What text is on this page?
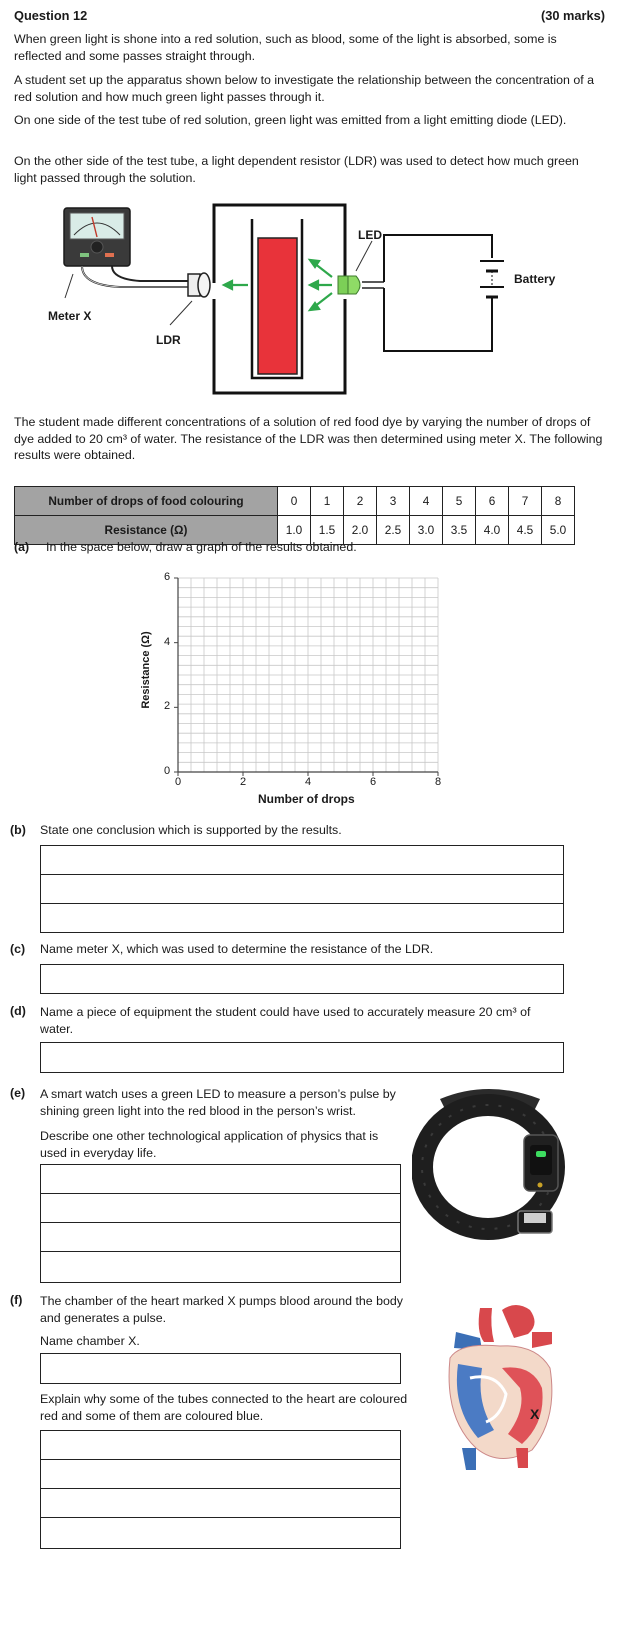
Question 12	(30 marks)

When green light is shone into a red solution, such as blood, some of the light is absorbed, some is reflected and some passes straight through.

A student set up the apparatus shown below to investigate the relationship between the concentration of a red solution and how much green light passes through it.

On one side of the test tube of red solution, green light was emitted from a light emitting diode (LED).

On the other side of the test tube, a light dependent resistor (LDR) was used to detect how much green light passed through the solution.

LED
Battery
Meter X
LDR

The student made different concentrations of a solution of red food dye by varying the number of drops of dye added to 20 cm³ of water. The resistance of the LDR was then determined using meter X. The following results were obtained.

Number of drops of food colouring	0	1	2	3	4	5	6	7	8
Resistance (Ω)	1.0	1.5	2.0	2.5	3.0	3.5	4.0	4.5	5.0
(a) In the space below, draw a graph of the results obtained.
Resistance (Ω)
Number of drops
(b) State one conclusion which is supported by the results.
(c) Name meter X, which was used to determine the resistance of the LDR.
(d) Name a piece of equipment the student could have used to accurately measure 20 cm³ of water.
(e) A smart watch uses a green LED to measure a person’s pulse by shining green light into the red blood in the person’s wrist.
Describe one other technological application of physics that is used in everyday life.
(f) The chamber of the heart marked X pumps blood around the body and generates a pulse.
Name chamber X.
Explain why some of the tubes connected to the heart are coloured red and some of them are coloured blue.	X
0
2
4
6
0	2	4	6	8
